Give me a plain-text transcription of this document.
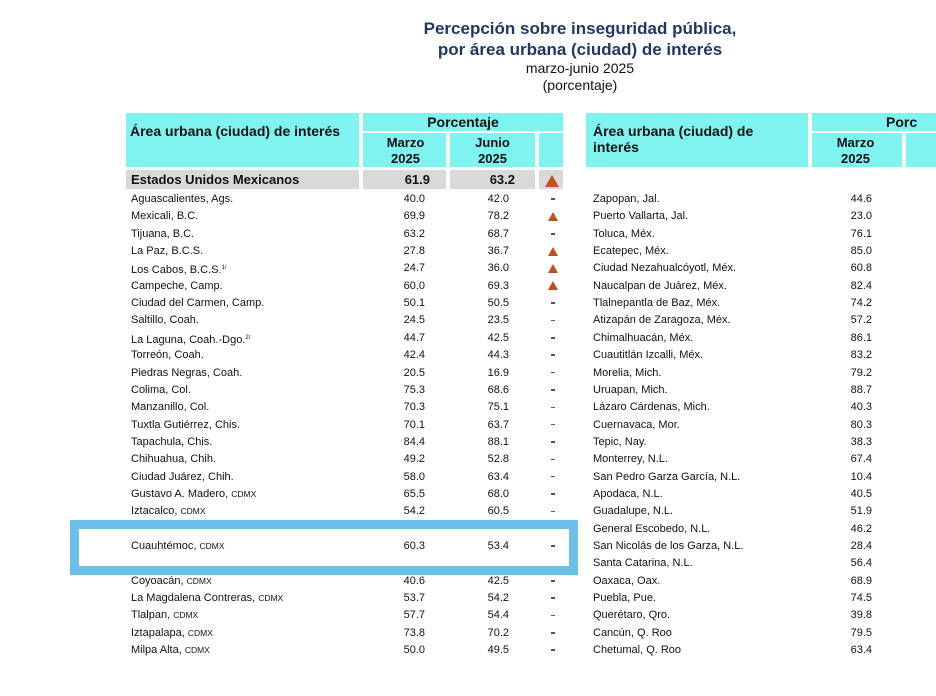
Percepción sobre inseguridad pública,
por área urbana (ciudad) de interés
marzo-junio 2025
(porcentaje)
Área urbana (ciudad) de interés
Porcentaje
Marzo 2025
Junio 2025
Estados Unidos Mexicanos	61.9	63.2
Área urbana (ciudad) de interés
Porc
Marzo 2025
Aguascalientes, Ags.	40.0	42.0
Mexicali, B.C.	69.9	78.2
Tijuana, B.C.	63.2	68.7
La Paz, B.C.S.	27.8	36.7
Los Cabos, B.C.S.$^{1/}$	24.7	36.0
Campeche, Camp.	60.0	69.3
Ciudad del Carmen, Camp.	50.1	50.5
Saltillo, Coah.	24.5	23.5
La Laguna, Coah.-Dgo.$^{2/}$	44.7	42.5
Torreón, Coah.	42.4	44.3
Piedras Negras, Coah.	20.5	16.9
Colima, Col.	75.3	68.6
Manzanillo, Col.	70.3	75.1
Tuxtla Gutiérrez, Chis.	70.1	63.7
Tapachula, Chis.	84.4	88.1
Chihuahua, Chih.	49.2	52.8
Ciudad Juárez, Chih.	58.0	63.4
Gustavo A. Madero, CDMX	65.5	68.0
Iztacalco, CDMX	54.2	60.5
Cuauhtémoc, CDMX	60.3	53.4
Coyoacán, CDMX	40.6	42.5
La Magdalena Contreras, CDMX	53.7	54.2
Tlalpan, CDMX	57.7	54.4
Iztapalapa, CDMX	73.8	70.2
Milpa Alta, CDMX	50.0	49.5
Zapopan, Jal.	44.6
Puerto Vallarta, Jal.	23.0
Toluca, Méx.	76.1
Ecatepec, Méx.	85.0
Ciudad Nezahualcóyotl, Méx.	60.8
Naucalpan de Juárez, Méx.	82.4
Tlalnepantla de Baz, Méx.	74.2
Atizapán de Zaragoza, Méx.	57.2
Chimalhuacán, Méx.	86.1
Cuautitlán Izcalli, Méx.	83.2
Morelia, Mich.	79.2
Uruapan, Mich.	88.7
Lázaro Cárdenas, Mich.	40.3
Cuernavaca, Mor.	80.3
Tepic, Nay.	38.3
Monterrey, N.L.	67.4
San Pedro Garza García, N.L.	10.4
Apodaca, N.L.	40.5
Guadalupe, N.L.	51.9
General Escobedo, N.L.	46.2
San Nicolás de los Garza, N.L.	28.4
Santa Catarina, N.L.	56.4
Oaxaca, Oax.	68.9
Puebla, Pue.	74.5
Querétaro, Qro.	39.8
Cancún, Q. Roo	79.5
Chetumal, Q. Roo	63.4
